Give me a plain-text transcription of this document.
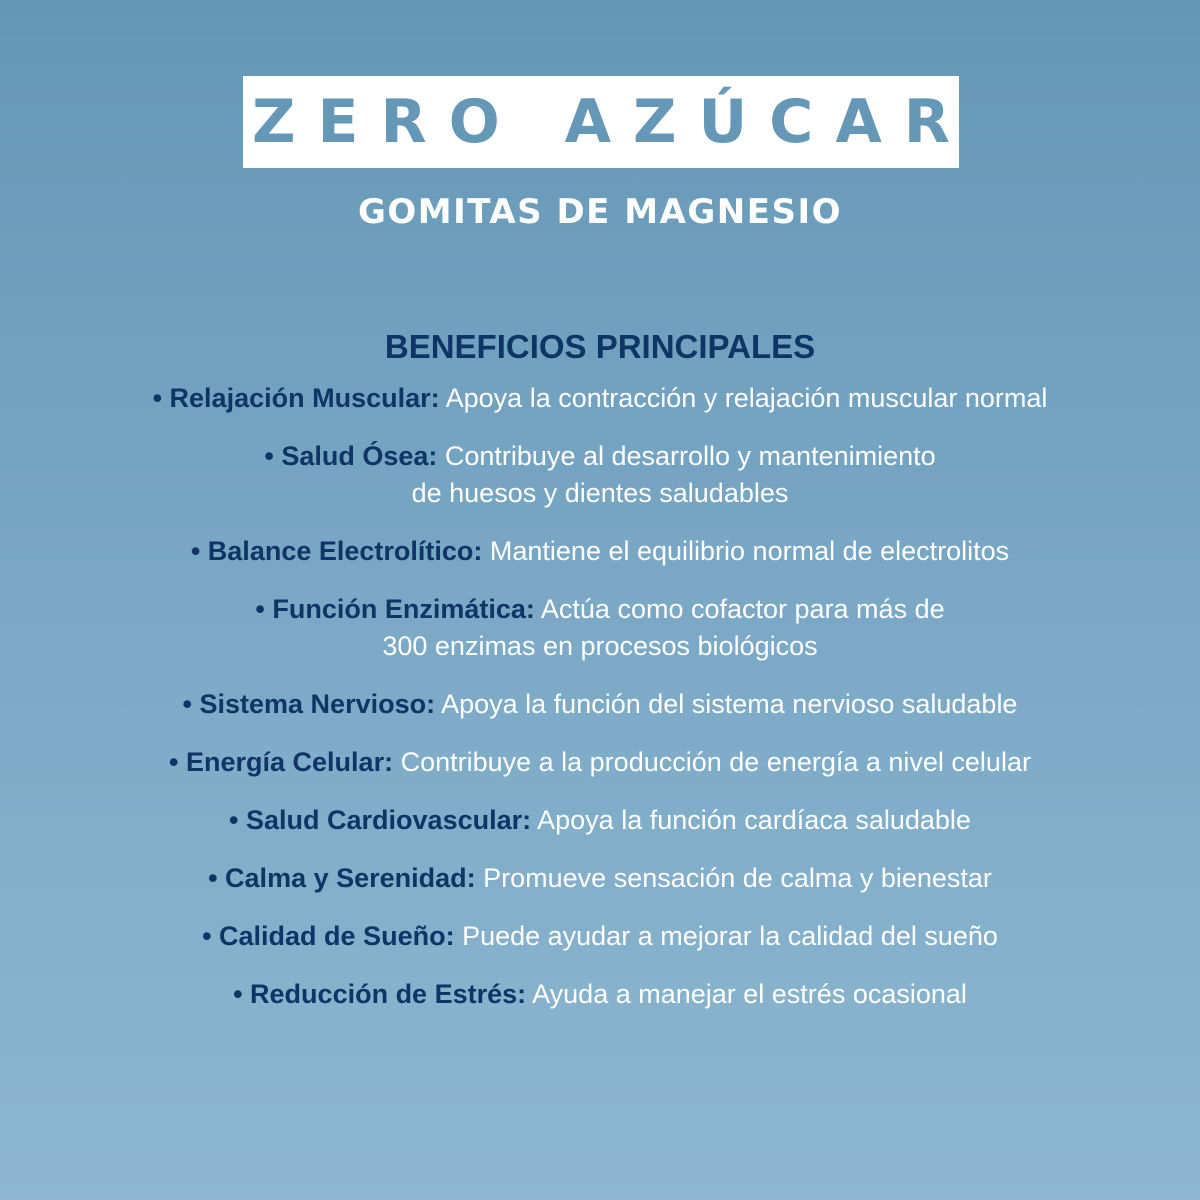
ZERO AZÚCAR
GOMITAS DE MAGNESIO
BENEFICIOS PRINCIPALES
• Relajación Muscular: Apoya la contracción y relajación muscular normal
• Salud Ósea: Contribuye al desarrollo y mantenimiento
de huesos y dientes saludables
• Balance Electrolítico: Mantiene el equilibrio normal de electrolitos
• Función Enzimática: Actúa como cofactor para más de
300 enzimas en procesos biológicos
• Sistema Nervioso: Apoya la función del sistema nervioso saludable
• Energía Celular: Contribuye a la producción de energía a nivel celular
• Salud Cardiovascular: Apoya la función cardíaca saludable
• Calma y Serenidad: Promueve sensación de calma y bienestar
• Calidad de Sueño: Puede ayudar a mejorar la calidad del sueño
• Reducción de Estrés: Ayuda a manejar el estrés ocasional
